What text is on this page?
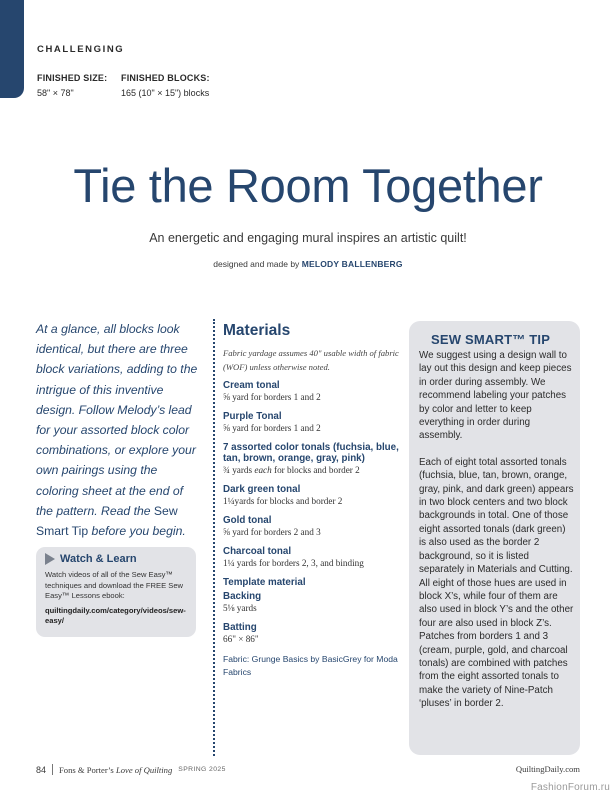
CHALLENGING
FINISHED SIZE:
58" × 78"
FINISHED BLOCKS:
165 (10" × 15") blocks
Tie the Room Together
An energetic and engaging mural inspires an artistic quilt!
designed and made by MELODY BALLENBERG

At a glance, all blocks look identical, but there are three block variations, adding to the intrigue of this inventive design. Follow Melody’s lead for your assorted block color combinations, or explore your own pairings using the coloring sheet at the end of the pattern. Read the Sew Smart Tip before you begin.

Watch & Learn
Watch videos of all of the Sew Easy™ techniques and download the FREE Sew Easy™ Lessons ebook:
quiltingdaily.com/category/videos/sew-easy/
Materials
Fabric yardage assumes 40" usable width of fabric (WOF) unless otherwise noted.
Cream tonal
⅝ yard for borders 1 and 2
Purple Tonal
⅝ yard for borders 1 and 2
7 assorted color tonals (fuchsia, blue, tan, brown, orange, gray, pink)
¾ yards each for blocks and border 2
Dark green tonal
1¼yards for blocks and border 2
Gold tonal
⅝ yard for borders 2 and 3
Charcoal tonal
1¼ yards for borders 2, 3, and binding
Template material
Backing
5⅛ yards
Batting
66" × 86"
Fabric: Grunge Basics by BasicGrey for Moda Fabrics
SEW SMART™ TIP

We suggest using a design wall to lay out this design and keep pieces in order during assembly. We recommend labeling your patches by color and letter to keep everything in order during assembly.

Each of eight total assorted tonals (fuchsia, blue, tan, brown, orange, gray, pink, and dark green) appears in two block centers and two block backgrounds in total. One of those eight assorted tonals (dark green) is also used as the border 2 background, so it is listed separately in Materials and Cutting. All eight of those hues are used in block X’s, while four of them are also used in block Y’s and the other four are also used in block Z’s. Patches from borders 1 and 3 (cream, purple, gold, and charcoal tonals) are combined with patches from the eight assorted tonals to make the variety of Nine-Patch ‘pluses’ in border 2.

84 Fons & Porter’s Love of Quilting SPRING 2025	QuiltingDaily.com
FashionForum.ru
